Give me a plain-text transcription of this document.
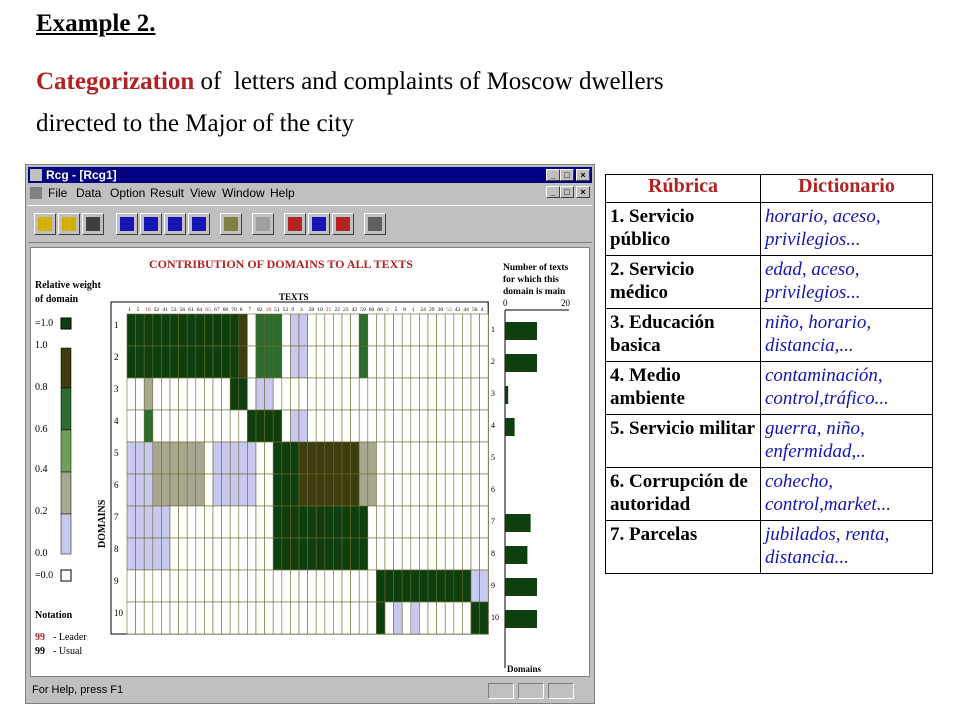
Example 2.
Categorization of  letters and complaints of Moscow dwellers
directed to the Major of the city
Rcg - [Rcg1]	_ □	×
File Data Option Result View Window Help	_ □	×
CONTRIBUTION OF DOMAINS TO ALL TEXTS
TEXTS
Relative weight
of domain
=1.0
1.0
0.8
0.6
0.4
0.2
0.0
=0.0
Notation
99 - Leader
99 - Usual
DOMAINS
1 5 16 32 41 53 56 61 64 65 67 68 70 6 7 82 18 51 52 9 3 28 10 21 22 23 42 59 60 66 2 5 8 1 24 29 30 53 43 44 56 4
1
2
3
4
5
6
7
8
9
10
Number of texts
for which this
domain is main
0	20
Domains
1
2
3
4
5
6
7
8
9
10
For Help, press F1
Rúbrica	Dictionario
1. Servicio público	horario, aceso, privilegios...
2. Servicio médico	edad, aceso, privilegios...
3. Educación basica	niño, horario, distancia,...
4. Medio ambiente	contaminación, control,tráfico...
5. Servicio militar	guerra, niño, enfermidad,..
6. Corrupción de autoridad	cohecho, control,market...
7. Parcelas	jubilados, renta, distancia...
